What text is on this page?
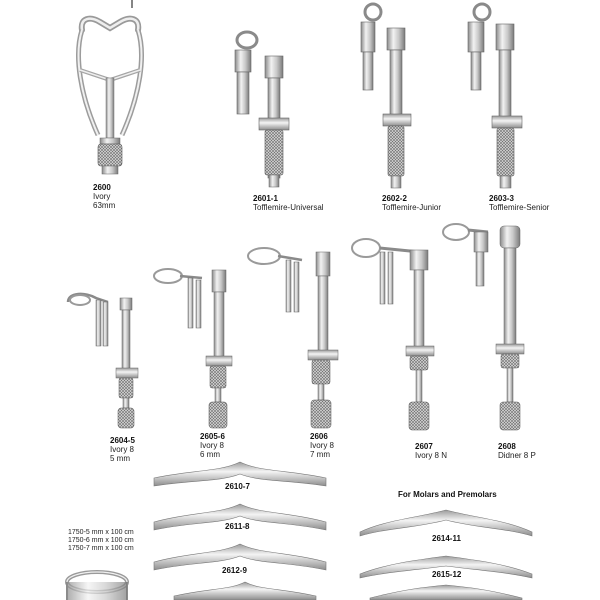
2600
Ivory
63mm
2601-1
Tofflemire-Universal
2602-2
Tofflemire-Junior
2603-3
Tofflemire-Senior
2604-5
Ivory 8
5 mm
2605-6
Ivory 8
6 mm
2606
Ivory 8
7 mm
2607
Ivory 8 N
2608
Didner 8 P
2610-7
2611-8
2612-9
For Molars and Premolars
2614-11
2615-12
1750-5 mm x 100 cm
1750-6 mm x 100 cm
1750-7 mm x 100 cm
